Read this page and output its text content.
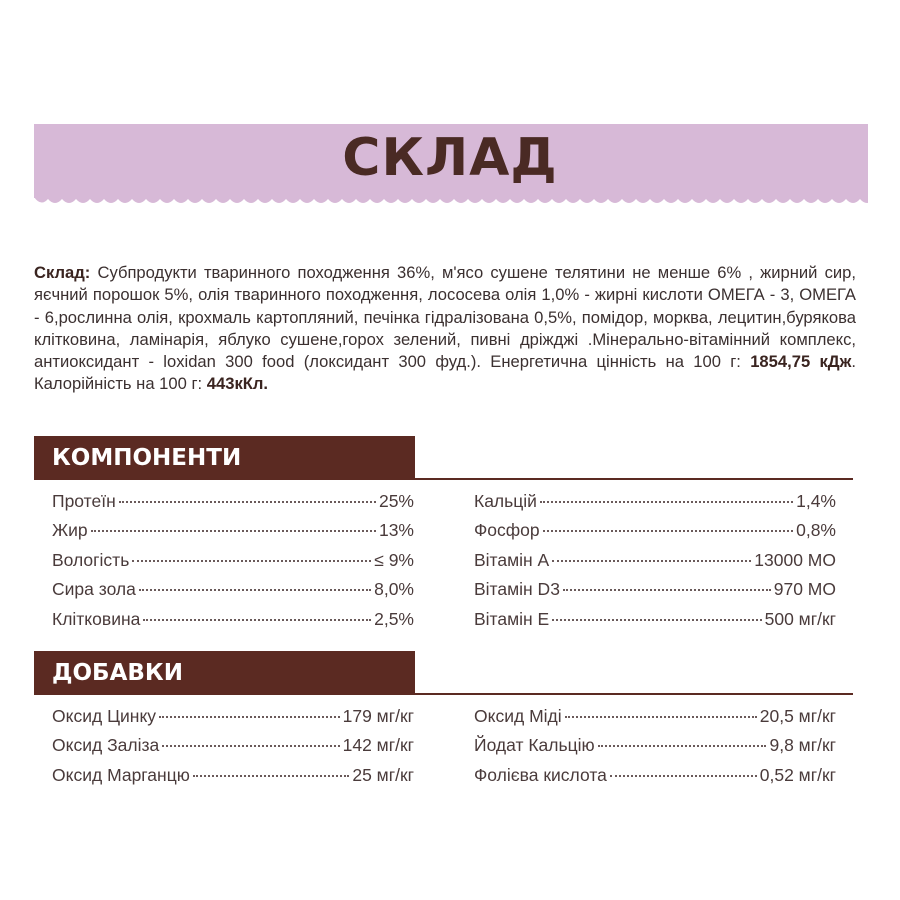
СКЛАД
Склад: Субпродукти тваринного походження 36%, м'ясо сушене телятини не менше 6% , жирний сир, яєчний порошок 5%, олія тваринного походження, лососева олія 1,0% - жирні кислоти ОМЕГА - 3, ОМЕГА - 6,рослинна олія, крохмаль картопляний, печінка гідралізована 0,5%, помідор, морква, лецитин,бурякова клітковина, ламінарія, яблуко сушене,горох зелений, пивні дріжджі .Мінерально-вітамінний комплекс, антиоксидант - loxidan 300 food (локсидант 300 фуд.). Енергетична цінність на 100 г: 1854,75 кДж. Калорійність на 100 г: 443кКл.
КОМПОНЕНТИ
Протеїн	25%
Жир	13%
Вологість	≤ 9%
Сира зола	8,0%
Клітковина	2,5%
Кальцій	1,4%
Фосфор	0,8%
Вітамін А	13000 МО
Вітамін D3	970 МО
Вітамін Е	500 мг/кг
ДОБАВКИ
Оксид Цинку	179 мг/кг
Оксид Заліза	142 мг/кг
Оксид Марганцю	25 мг/кг
Оксид Міді	20,5 мг/кг
Йодат Кальцію	9,8 мг/кг
Фолієва кислота	0,52 мг/кг
